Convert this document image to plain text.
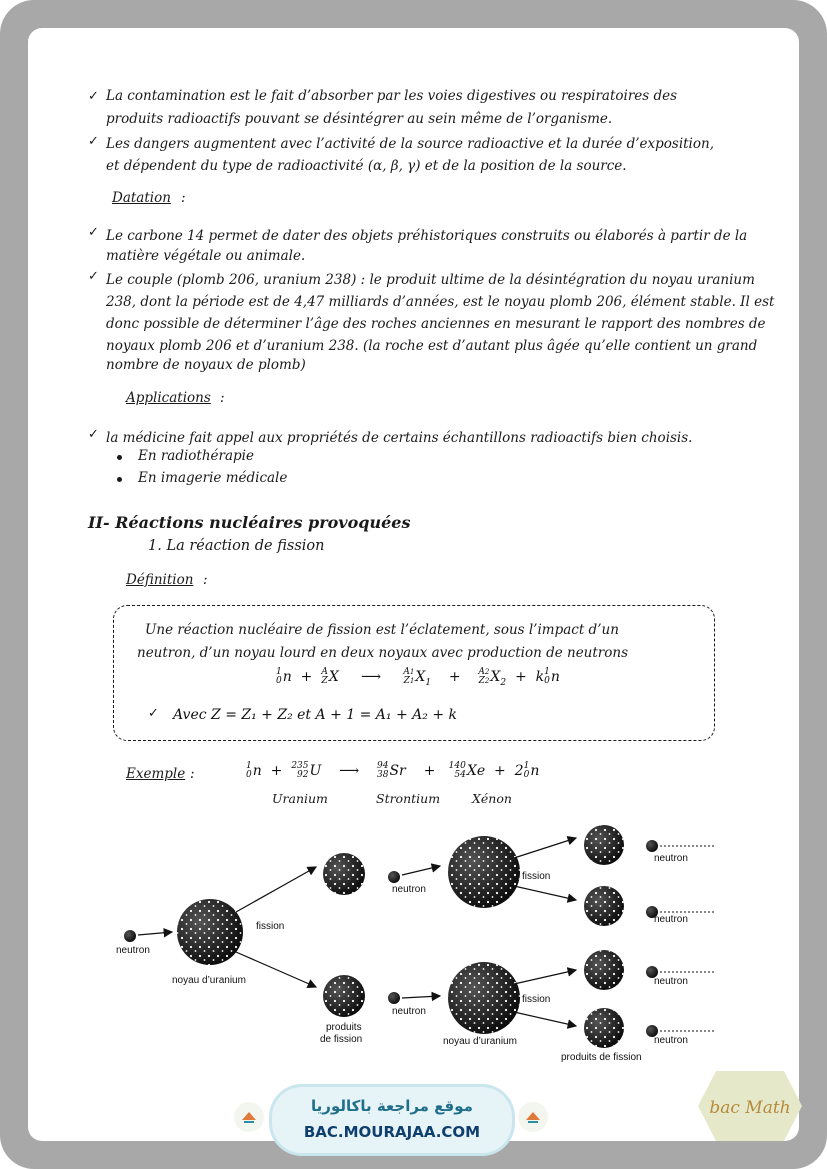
✓ La contamination est le fait d’absorber par les voies digestives ou respiratoires des
produits radioactifs pouvant se désintégrer au sein même de l’organisme.
✓ Les dangers augmentent avec l’activité de la source radioactive et la durée d’exposition,
et dépendent du type de radioactivité (α, β, γ) et de la position de la source.
Datation :
✓ Le carbone 14 permet de dater des objets préhistoriques construits ou élaborés à partir de la
matière végétale ou animale.
✓ Le couple (plomb 206, uranium 238) : le produit ultime de la désintégration du noyau uranium
238, dont la période est de 4,47 milliards d’années, est le noyau plomb 206, élément stable. Il est
donc possible de déterminer l’âge des roches anciennes en mesurant le rapport des nombres de
noyaux plomb 206 et d’uranium 238. (la roche est d’autant plus âgée qu’elle contient un grand
nombre de noyaux de plomb)
Applications :
✓ la médicine fait appel aux propriétés de certains échantillons radioactifs bien choisis.
En radiothérapie
En imagerie médicale
II- Réactions nucléaires provoquées
1. La réaction de fission
Définition :
Une réaction nucléaire de fission est l’éclatement, sous l’impact d’un
neutron, d’un noyau lourd en deux noyaux avec production de neutrons
1
0n + A
ZX ⟶ A1
$Z1X_1 + A2$
$Z2X_2 + k1$
0n
✓ Avec Z = Z₁ + Z₂ et A + 1 = A₁ + A₂ + k
Exemple :	1
0n + 235
92U ⟶ 94
38Sr + 140
54Xe + 21
0n
Uranium	Strontium	Xénon
neutron
fission
noyau d’uranium
neutron
neutron
produits
de fission
fission
fission
noyau d’uranium
produits de fission
neutron
neutron
neutron
neutron
موقع مراجعة باكالوريا
BAC.MOURAJAA.COM
bac Math
